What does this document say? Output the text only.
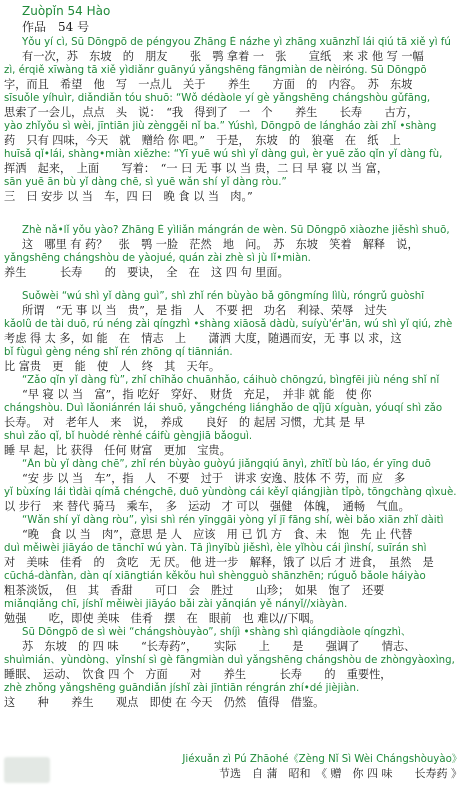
Zuòpǐn 54 Hào
作品　54 号
Yǒu yí cì, Sū Dōngpō de péngyou Zhāng È názhe yì zhāng xuānzhǐ lái qiú tā xiě yì fú
有一次，苏　东坡　的　朋友　　张　鹗 拿着 一　张　　宣纸　来 求 他 写 一幅
zì, érqiě xīwàng tā xiě yìdiǎnr guānyú yǎngshēng fāngmiàn de nèiróng. Sū Dōngpō
字，而且　希望　他　写　一点儿　关于　　养生　　方面　的　内容。　苏　东坡
sīsuǒle yíhuìr, diǎndiǎn tóu shuō: “Wǒ dédàole yí gè yǎngshēng chángshòu gǔfāng,
思索了一会儿，点点　头　说：　“我　得到了　一　个　　养生　　长寿　　古方，
yào zhǐyǒu sì wèi, jīntiān jiù zènggěi nǐ ba.” Yúshì, Dōngpō de lángháo zài zhǐ •shàng
药　只有 四味，今天　就　赠给 你 吧。”　于是，　东坡　的　狼毫　在　纸　上
huīsǎ qǐ•lái, shàng•miàn xiězhe: “Yī yuē wú shì yǐ dàng guì, èr yuē zǎo qǐn yǐ dàng fù,
挥洒　起来，　上面　　写着：　“一 曰 无 事 以 当 贵，二 曰 早 寝 以 当 富，
sān yuē ān bù yǐ dàng chē, sì yuē wǎn shí yǐ dàng ròu.”
三　曰 安步 以 当　车，四 曰　晚 食 以 当　肉。”
Zhè nǎ•lǐ yǒu yào? Zhāng È yìliǎn mángrán de wèn. Sū Dōngpō xiàozhe jiěshì shuō,
这　哪里 有 药？　张　鹗 一脸　茫然　地　问。　苏　东坡　笑着　解释　说，
yǎngshēng chángshòu de yàojué, quán zài zhè sì jù lǐ•miàn.
养生　　　长寿　　的　要诀，　全　在　这 四 句 里面。
Suǒwèi “wú shì yǐ dàng guì”, shì zhǐ rén bùyào bǎ gōngmíng lìlù, róngrǔ guòshī
所谓　“无 事 以 当　贵”，是 指　人　不要 把　功名　利禄、荣辱　过失
kǎolǜ de tài duō, rú néng zài qíngzhì •shàng xiāosǎ dàdù, suíyù'ér'ān, wú shì yǐ qiú, zhè
考虑 得 太 多，如 能　在　情志　上　　潇洒 大度，随遇而安，无 事 以 求，这
bǐ fùguì gèng néng shǐ rén zhōng qí tiānnián.
比 富贵　更　能　使　人　终　其　天年。
“Zǎo qǐn yǐ dàng fù”, zhǐ chīhǎo chuānhǎo, cáihuò chōngzú, bìngfēi jiù néng shǐ nǐ
“早 寝 以 当　富”，指 吃好　穿好、　财货　充足，　并非 就 能　使 你
chángshòu. Duì lǎoniánrén lái shuō, yǎngchéng liánghǎo de qǐjū xíguàn, yóuqí shì zǎo
长寿。　对　老年人　来　说，　养成　　良好　的 起居 习惯，尤其 是 早
shuì zǎo qǐ, bǐ huòdé rènhé cáifù gèngjiā bǎoguì.
睡 早 起，比 获得　任何 财富　更加　宝贵。
“Ān bù yǐ dàng chē”, zhǐ rén bùyào guòyú jiǎngqiú ānyì, zhītǐ bù láo, ér yīng duō
“安 步 以 当　车”，指　人　不要　过于　讲求 安逸、肢体 不 劳，而 应　多
yǐ bùxíng lái tìdài qímǎ chéngchē, duō yùndòng cái kěyǐ qiángjiàn tǐpò, tōngchàng qìxuè.
以 步行　来 替代 骑马　乘车，　多　运动　才 可以　强健　体魄，　通畅　气血。
“Wǎn shí yǐ dàng ròu”, yìsi shì rén yīnggāi yòng yǐ jī fāng shí, wèi bǎo xiān zhǐ dàitì
“晚　食 以 当　肉”，意思 是 人　应该　用 已 饥 方　食、未　饱　先 止 代替
duì měiwèi jiāyáo de tānchī wú yàn. Tā jìnyībù jiěshì, èle yǐhòu cái jìnshí, suīrán shì
对　美味　佳肴　的　贪吃　无 厌。 他 进一步　解释，饿了 以后 才 进食，　虽然　是
cūchá-dànfàn, dàn qí xiāngtián kěkǒu huì shèngguò shānzhēn; rúguǒ bǎole háiyào
粗茶淡饭，　但　其　香甜　　可口　会　胜过　　山珍；　如果　饱了　还要
miǎnqiǎng chī, jíshǐ měiwèi jiāyáo bǎi zài yǎnqián yě nányǐ//xiàyàn.
勉强　　吃，即使 美味　佳肴　摆　在　眼前　也 难以//下咽。
Sū Dōngpō de sì wèi “chángshòuyào”, shíjì •shàng shì qiángdiàole qíngzhì、
苏　东坡　的 四 味　　“长寿药”，　　实际　　上　　是　　强调了　　情志、
shuìmián、yùndòng、yǐnshí sì gè fāngmiàn duì yǎngshēng chángshòu de zhòngyàoxìng,
睡眠、　运动、　饮食 四 个　方面　　对　　养生　　　长寿　　的　重要性，
zhè zhǒng yǎngshēng guāndiǎn jíshǐ zài jīntiān réngrán zhí•dé jièjiàn.
这　　种　　养生　　观点　即使 在 今天　仍然　值得　借鉴。
Jiéxuǎn zì Pú Zhāohé《Zèng Nǐ Sì Wèi Chángshòuyào》
节选　自 蒲　昭和　《 赠　你 四 味　　长寿药 》
